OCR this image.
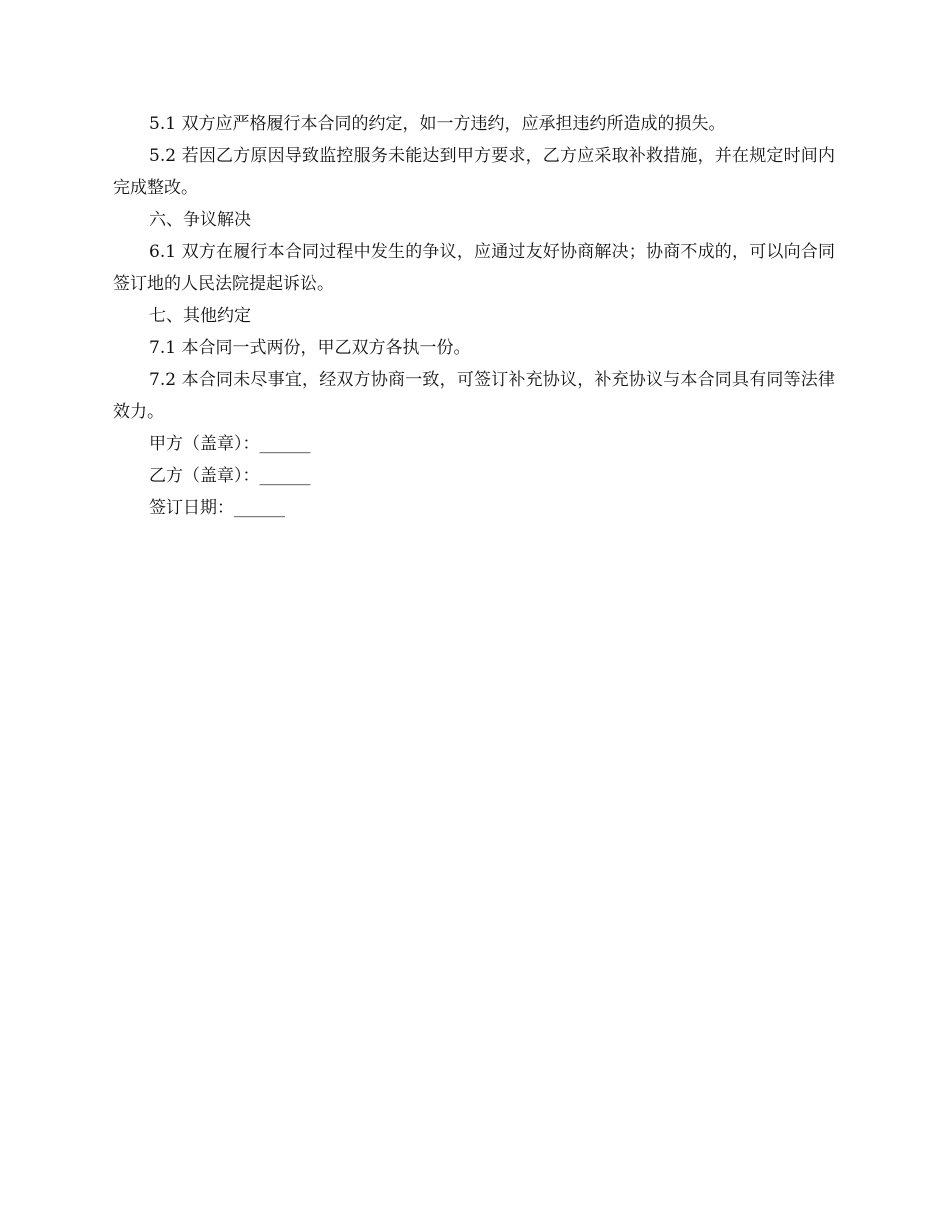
5.1 双方应严格履行本合同的约定，如一方违约，应承担违约所造成的损失。

5.2 若因乙方原因导致监控服务未能达到甲方要求，乙方应采取补救措施，并在规定时间内完成整改。

六、争议解决

6.1 双方在履行本合同过程中发生的争议，应通过友好协商解决；协商不成的，可以向合同签订地的人民法院提起诉讼。

七、其他约定

7.1 本合同一式两份，甲乙双方各执一份。

7.2 本合同未尽事宜，经双方协商一致，可签订补充协议，补充协议与本合同具有同等法律效力。

甲方（盖章）：______

乙方（盖章）：______

签订日期：______
